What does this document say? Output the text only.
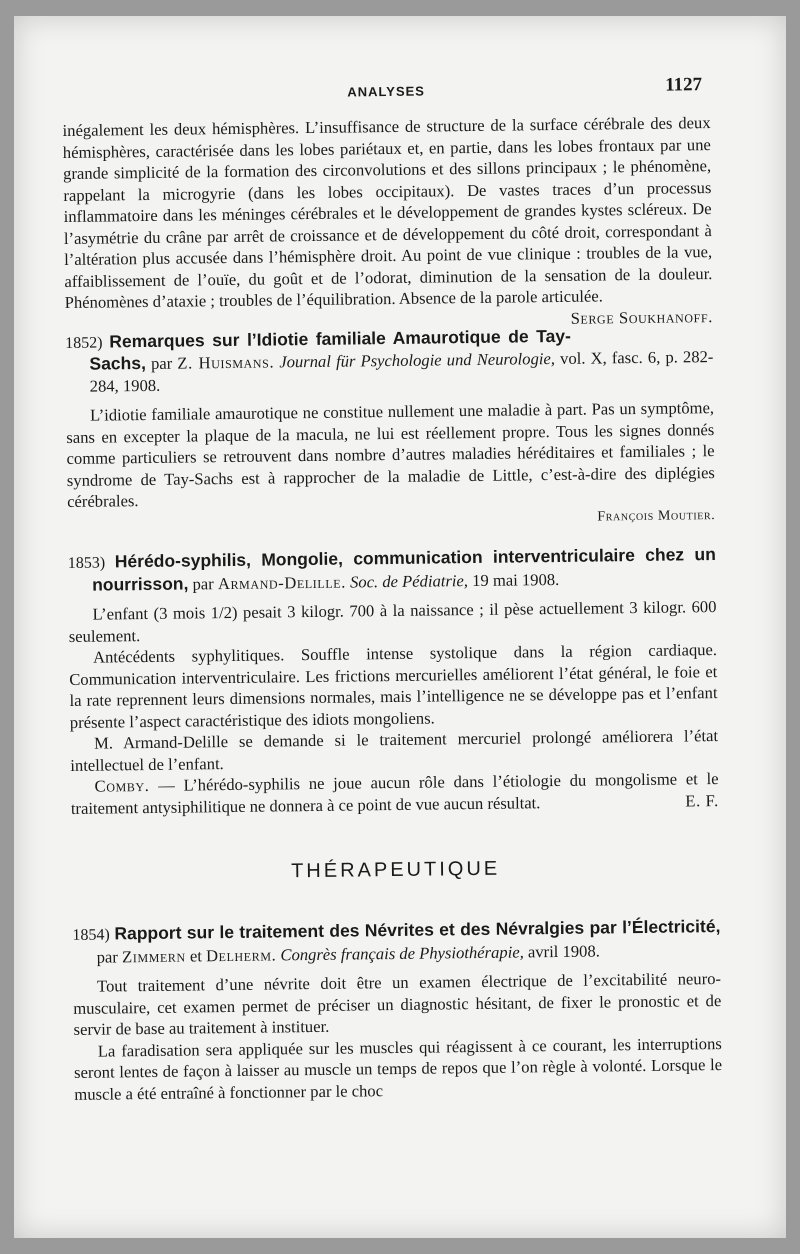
ANALYSES	1127

inégalement les deux hémisphères. L’insuffisance de structure de la surface cérébrale des deux hémisphères, caractérisée dans les lobes pariétaux et, en partie, dans les lobes frontaux par une grande simplicité de la formation des circonvolutions et des sillons principaux ; le phénomène, rappelant la microgyrie (dans les lobes occipitaux). De vastes traces d’un processus inflammatoire dans les méninges cérébrales et le développement de grandes kystes scléreux. De l’asymétrie du crâne par arrêt de croissance et de développement du côté droit, correspondant à l’altération plus accusée dans l’hémisphère droit. Au point de vue clinique : troubles de la vue, affaiblissement de l’ouïe, du goût et de l’odorat, diminution de la sensation de la douleur. Phénomènes d’ataxie ; troubles de l’équilibration. Absence de la parole articulée.
Serge Soukhanoff.

1852) Remarques sur l’Idiotie familiale Amaurotique de Tay-Sachs, par Z. Huismans. Journal für Psychologie und Neurologie, vol. X, fasc. 6, p. 282-284, 1908.

L’idiotie familiale amaurotique ne constitue nullement une maladie à part. Pas un symptôme, sans en excepter la plaque de la macula, ne lui est réellement propre. Tous les signes donnés comme particuliers se retrouvent dans nombre d’autres maladies héréditaires et familiales ; le syndrome de Tay-Sachs est à rapprocher de la maladie de Little, c’est-à-dire des diplégies cérébrales.

François Moutier.

1853) Hérédo-syphilis, Mongolie, communication interventriculaire chez un nourrisson, par Armand-Delille. Soc. de Pédiatrie, 19 mai 1908.

L’enfant (3 mois 1/2) pesait 3 kilogr. 700 à la naissance ; il pèse actuellement 3 kilogr. 600 seulement.

Antécédents syphylitiques. Souffle intense systolique dans la région cardiaque. Communication interventriculaire. Les frictions mercurielles améliorent l’état général, le foie et la rate reprennent leurs dimensions normales, mais l’intelligence ne se développe pas et l’enfant présente l’aspect caractéristique des idiots mongoliens.

M. Armand-Delille se demande si le traitement mercuriel prolongé améliorera l’état intellectuel de l’enfant.

Comby. — L’hérédo-syphilis ne joue aucun rôle dans l’étiologie du mongolisme et le traitement antysiphilitique ne donnera à ce point de vue aucun résultat.	E. F.

THÉRAPEUTIQUE

1854) Rapport sur le traitement des Névrites et des Névralgies par l’Électricité, par Zimmern et Delherm. Congrès français de Physiothérapie, avril 1908.

Tout traitement d’une névrite doit être un examen électrique de l’excitabilité neuro-musculaire, cet examen permet de préciser un diagnostic hésitant, de fixer le pronostic et de servir de base au traitement à instituer.

La faradisation sera appliquée sur les muscles qui réagissent à ce courant, les interruptions seront lentes de façon à laisser au muscle un temps de repos que l’on règle à volonté. Lorsque le muscle a été entraîné à fonctionner par le choc
